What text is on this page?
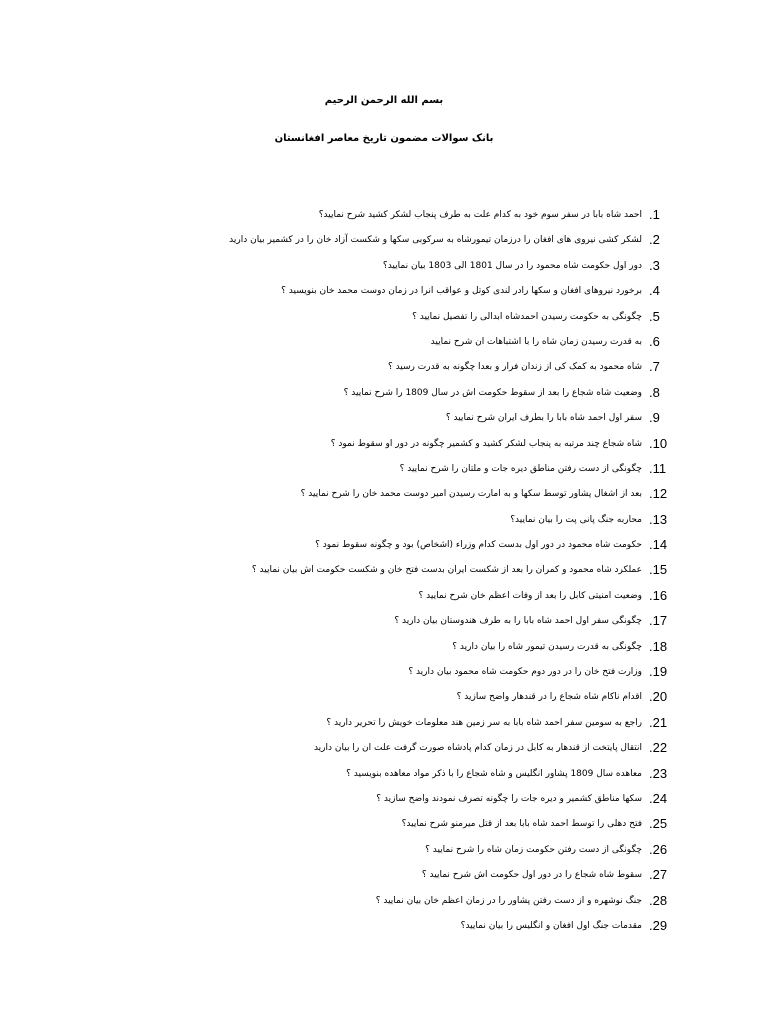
بسم الله الرحمن الرحیم
بانک سوالات مضمون تاریخ معاصر افغانستان
.1
احمد شاه بابا در سفر سوم خود به کدام علت به طرف پنجاب لشکر کشید شرح نمایید؟
.2
لشکر کشی نیروی های افغان را درزمان تیمورشاه به سرکوبی سکها و شکست آزاد خان را در کشمیر بیان دارید
.3
دور اول حکومت شاه محمود را در سال 1801 الی 1803 بیان نمایید؟
.4
برخورد نیروهای افغان و سکها رادر لندی کوتل و عواقب انرا در زمان دوست محمد خان بنویسید ؟
.5
چگونگی به حکومت رسیدن احمدشاه ابدالی را تفصیل نمایید ؟
.6
به قدرت رسیدن زمان شاه را با اشتباهات ان شرح نمایید
.7
شاه محمود به کمک کی از زندان فرار و بعدا چگونه به قدرت رسید ؟
.8
وضعیت شاه شجاع را بعد از سقوط حکومت اش در سال 1809 را شرح نمایید ؟
.9
سفر اول احمد شاه بابا را بطرف ایران شرح نمایید ؟
.10
شاه شجاع چند مرتبه به پنجاب لشکر کشید و کشمیر چگونه در دور او سقوط نمود ؟
.11
چگونگی از دست رفتن مناطق دیره جات و ملتان را شرح نمایید ؟
.12
بعد از اشغال پشاور توسط سکها و به امارت رسیدن امیر دوست محمد خان را شرح نمایید ؟
.13
محاربه جنگ پانی پت را بیان نمایید؟
.14
حکومت شاه محمود در دور اول بدست کدام وزراء (اشخاص) بود و چگونه سقوط نمود ؟
.15
عملکرد شاه محمود و کمران را بعد از شکست ایران بدست فتح خان و شکست حکومت اش بیان نمایید ؟
.16
وضعیت امنیتی کابل را بعد از وفات اعظم خان شرح نمایید ؟
.17
چگونگی سفر اول احمد شاه بابا را به طرف هندوستان بیان دارید ؟
.18
چگونگی به قدرت رسیدن تیمور شاه را بیان دارید ؟
.19
وزارت فتح خان را در دور دوم حکومت شاه محمود بیان دارید ؟
.20
اقدام ناکام شاه شجاع را در قندهار واضح سازید ؟
.21
راجع به سومین سفر احمد شاه بابا به سر زمین هند معلومات خویش را تحریر دارید ؟
.22
انتقال پایتخت از قندهار به کابل در زمان کدام پادشاه صورت گرفت علت ان را بیان دارید
.23
معاهده سال 1809 پشاور انگلیس و شاه شجاع را با ذکر مواد معاهده بنویسید ؟
.24
سکها مناطق کشمیر و دیره جات را چگونه تصرف نمودند واضح سازید ؟
.25
فتح دهلی را توسط احمد شاه بابا بعد از قتل میرمنو شرح نمایید؟
.26
چگونگی از دست رفتن حکومت زمان شاه را شرح نمایید ؟
.27
سقوط شاه شجاع را در دور اول حکومت اش شرح نمایید ؟
.28
جنگ نوشهره و از دست رفتن پشاور را در زمان اعظم خان بیان نمایید ؟
.29
مقدمات جنگ اول افغان و انگلیس را بیان نمایید؟
